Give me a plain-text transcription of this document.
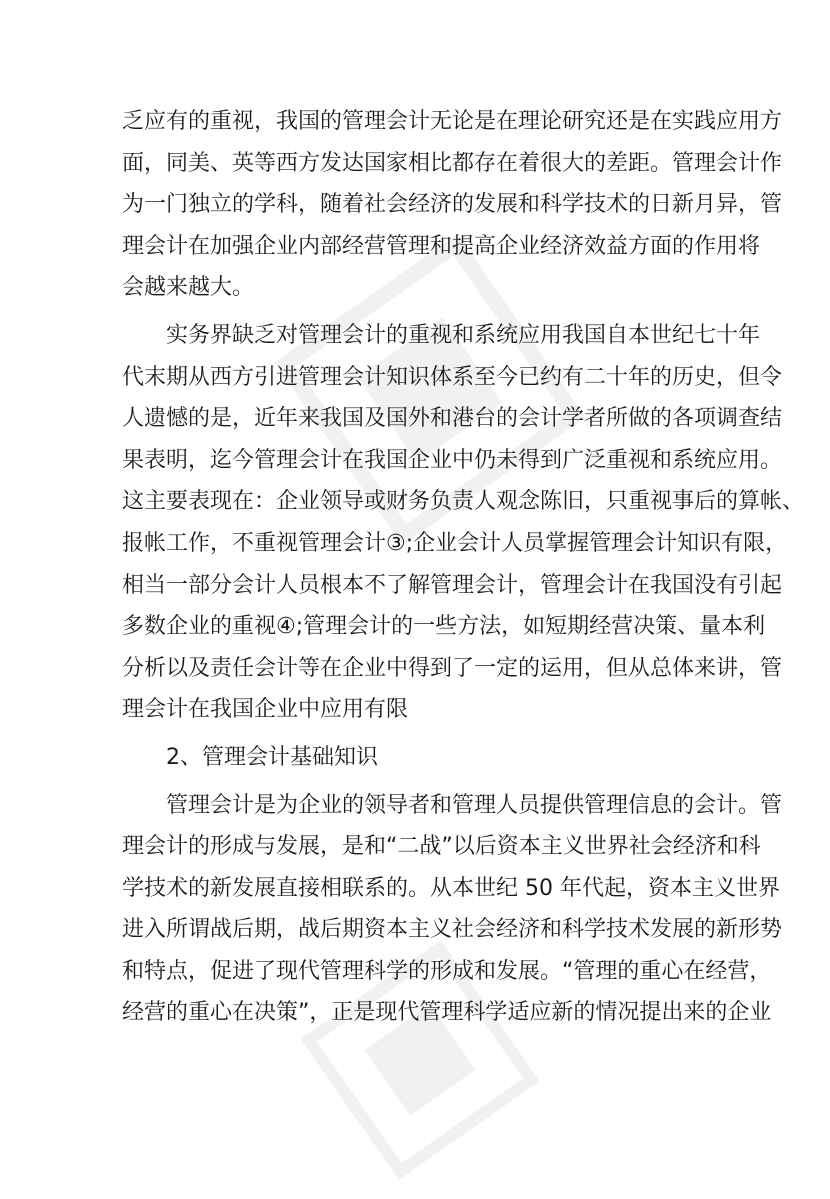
乏应有的重视，我国的管理会计无论是在理论研究还是在实践应用方
面，同美、英等西方发达国家相比都存在着很大的差距。管理会计作
为一门独立的学科，随着社会经济的发展和科学技术的日新月异，管
理会计在加强企业内部经营管理和提高企业经济效益方面的作用将
会越来越大。
实务界缺乏对管理会计的重视和系统应用我国自本世纪七十年
代末期从西方引进管理会计知识体系至今已约有二十年的历史，但令
人遗憾的是，近年来我国及国外和港台的会计学者所做的各项调查结
果表明，迄今管理会计在我国企业中仍未得到广泛重视和系统应用。
这主要表现在：企业领导或财务负责人观念陈旧，只重视事后的算帐、
报帐工作，不重视管理会计③;企业会计人员掌握管理会计知识有限，
相当一部分会计人员根本不了解管理会计，管理会计在我国没有引起
多数企业的重视④;管理会计的一些方法，如短期经营决策、量本利
分析以及责任会计等在企业中得到了一定的运用，但从总体来讲，管
理会计在我国企业中应用有限
2、管理会计基础知识
管理会计是为企业的领导者和管理人员提供管理信息的会计。管
理会计的形成与发展，是和“二战”以后资本主义世界社会经济和科
学技术的新发展直接相联系的。从本世纪 50 年代起，资本主义世界
进入所谓战后期，战后期资本主义社会经济和科学技术发展的新形势
和特点，促进了现代管理科学的形成和发展。“管理的重心在经营，
经营的重心在决策”，正是现代管理科学适应新的情况提出来的企业
